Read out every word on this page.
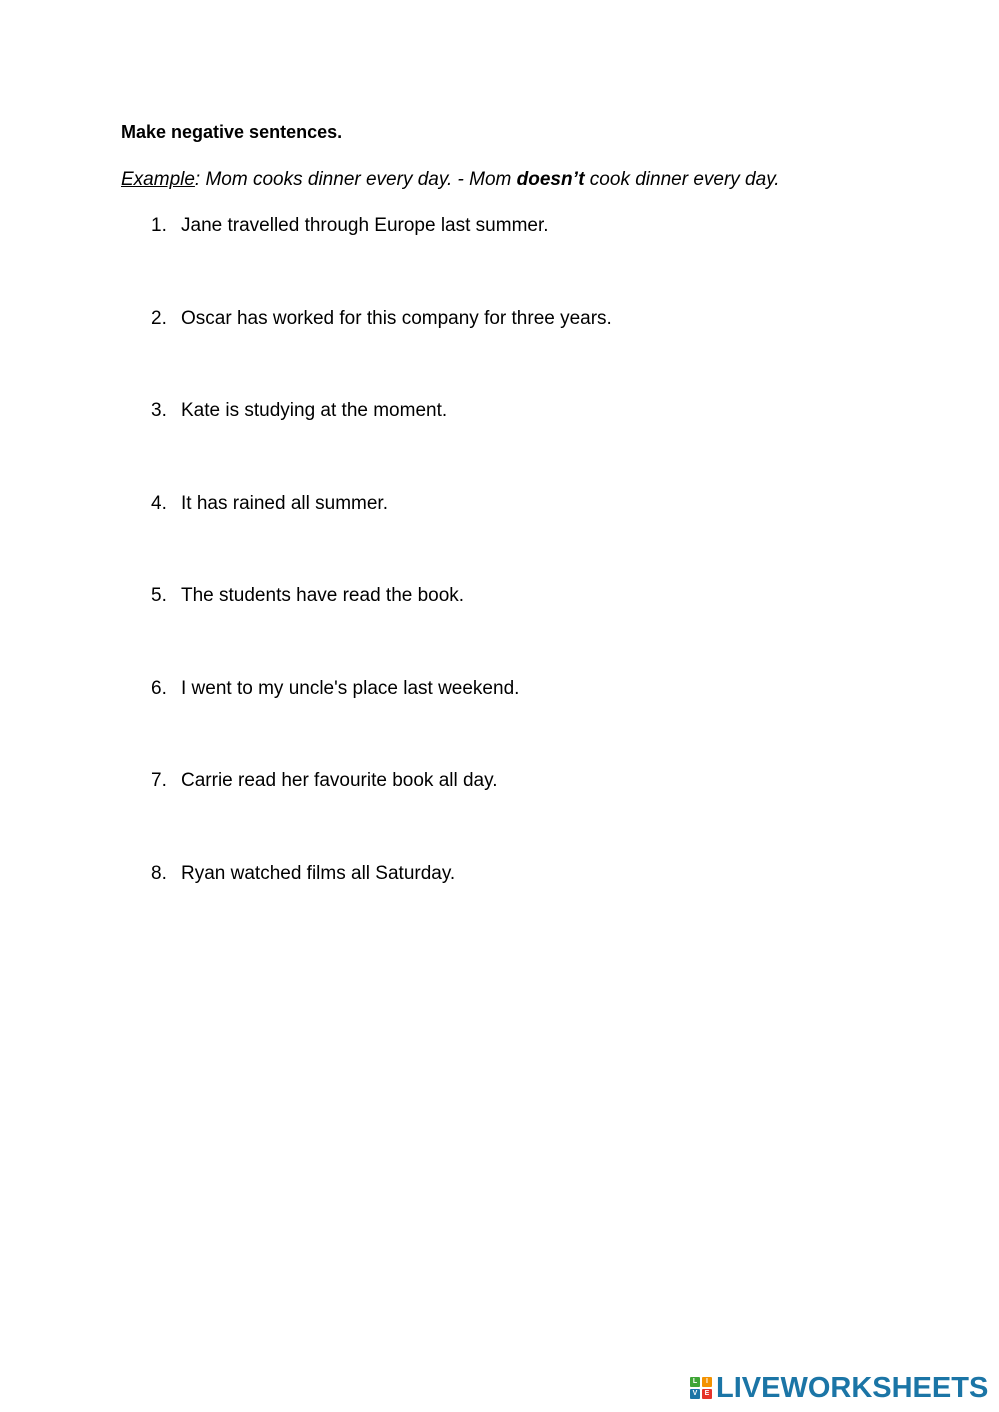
Make negative sentences.
Example: Mom cooks dinner every day. - Mom doesn’t cook dinner every day.
1. Jane travelled through Europe last summer.
2. Oscar has worked for this company for three years.
3. Kate is studying at the moment.
4. It has rained all summer.
5. The students have read the book.
6. I went to my uncle's place last weekend.
7. Carrie read her favourite book all day.
8. Ryan watched films all Saturday.
L	I
V	E LIVEWORKSHEETS
